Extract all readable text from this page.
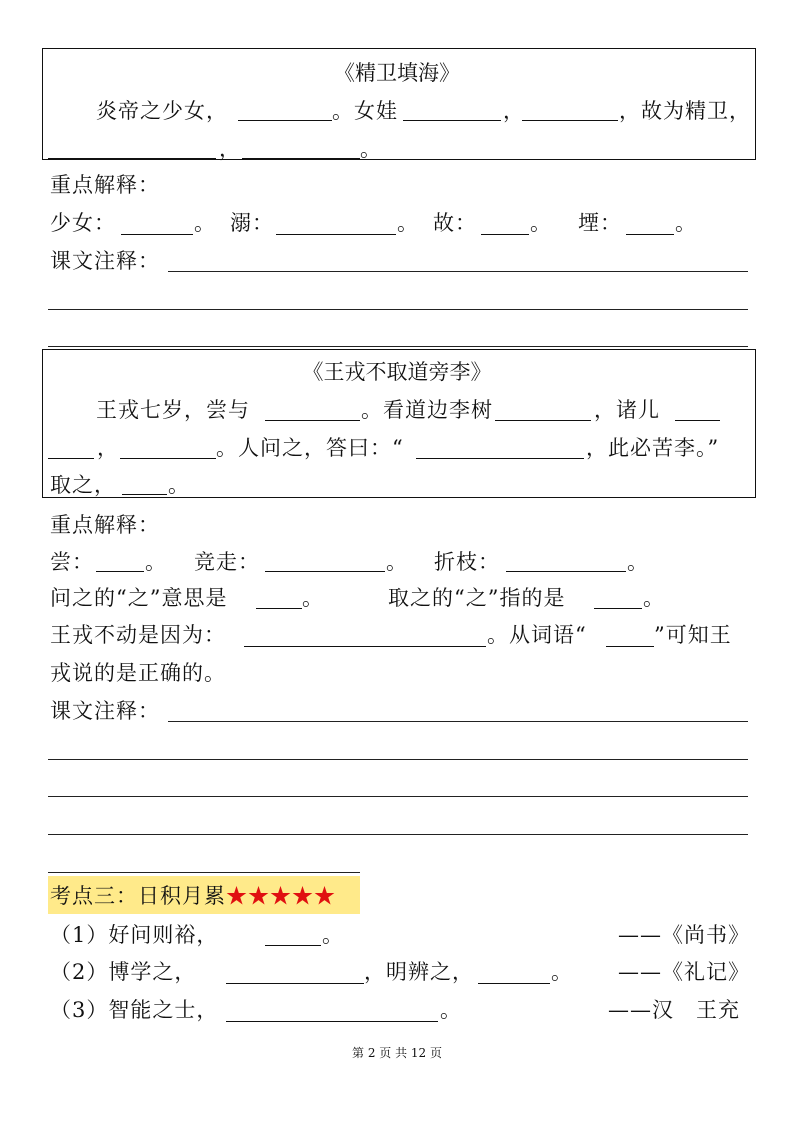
《精卫填海》
炎帝之少女，	。女娃	，	，故为精卫，
，	。
重点解释：
少女：	。 溺：	。 故：	。 堙：	。
课文注释：
《王戎不取道旁李》
王戎七岁，尝与	。看道边李树	，诸儿
，	。人问之，答曰：“	，此必苦李。”
取之， 。
重点解释：
尝： 。 竞走：	。 折枝：	。
问之的“之”意思是	。	取之的“之”指的是	。
王戎不动是因为：	。从词语“	”可知王
戎说的是正确的。
课文注释：
考点三：日积月累★★★★★
（1）好问则裕，	。	——《尚书》
（2）博学之，	，明辨之，	。 ——《礼记》
（3）智能之士，	。	——汉　王充
第 2 页 共 12 页
